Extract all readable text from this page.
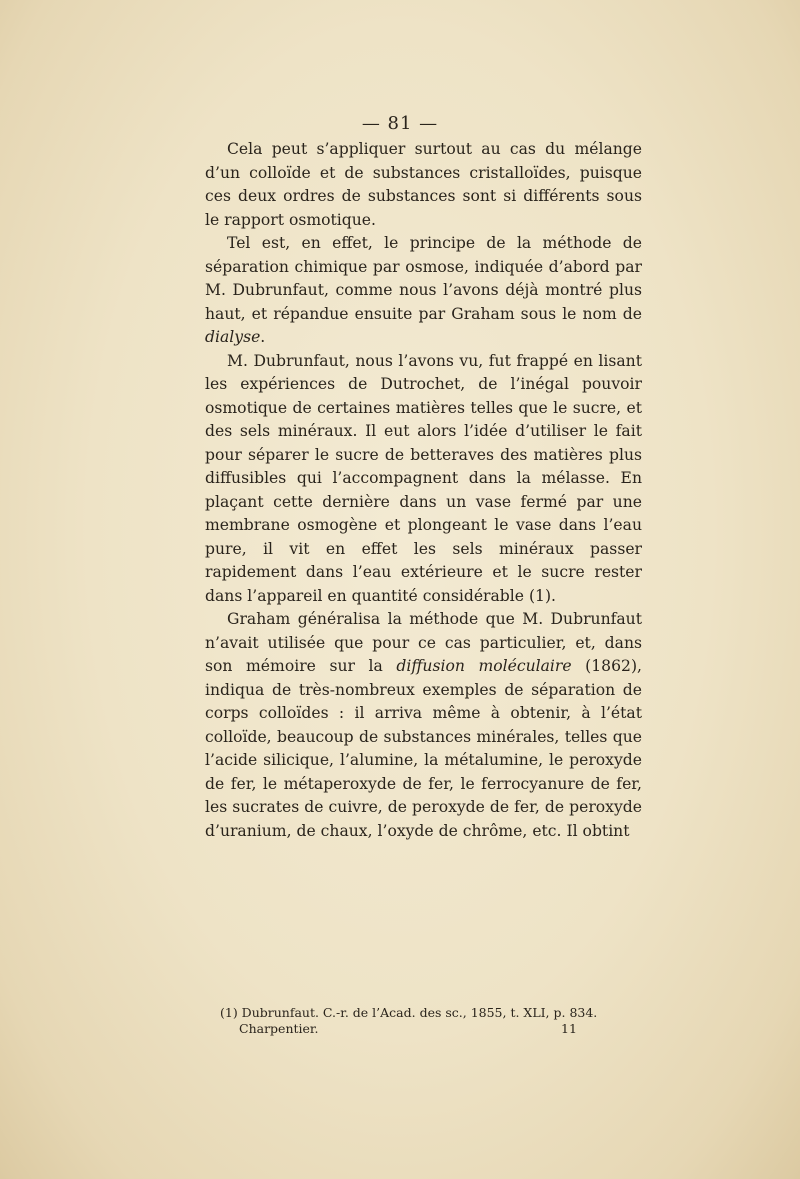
— 81 —

Cela peut s’appliquer surtout au cas du mélange d’un colloïde et de substances cristalloïdes, puisque ces deux ordres de substances sont si différents sous le rapport osmotique.

Tel est, en effet, le principe de la méthode de séparation chimique par osmose, indiquée d’abord par M. Dubrunfaut, comme nous l’avons déjà montré plus haut, et répandue ensuite par Graham sous le nom de dialyse.

M. Dubrunfaut, nous l’avons vu, fut frappé en lisant les expériences de Dutrochet, de l’inégal pouvoir osmotique de certaines matières telles que le sucre, et des sels minéraux. Il eut alors l’idée d’utiliser le fait pour séparer le sucre de betteraves des matières plus diffusibles qui l’accompagnent dans la mélasse. En plaçant cette dernière dans un vase fermé par une membrane osmogène et plongeant le vase dans l’eau pure, il vit en effet les sels minéraux passer rapidement dans l’eau extérieure et le sucre rester dans l’appareil en quantité considérable (1).

Graham généralisa la méthode que M. Dubrunfaut n’avait utilisée que pour ce cas particulier, et, dans son mémoire sur la diffusion moléculaire (1862), indiqua de très-nombreux exemples de séparation de corps colloïdes : il arriva même à obtenir, à l’état colloïde, beaucoup de substances minérales, telles que l’acide silicique, l’alumine, la métalumine, le peroxyde de fer, le métaperoxyde de fer, le ferrocyanure de fer, les sucrates de cuivre, de peroxyde de fer, de peroxyde d’uranium, de chaux, l’oxyde de chrôme, etc. Il obtint

(1) Dubrunfaut. C.-r. de l’Acad. des sc., 1855, t. XLI, p. 834.
Charpentier.	11
